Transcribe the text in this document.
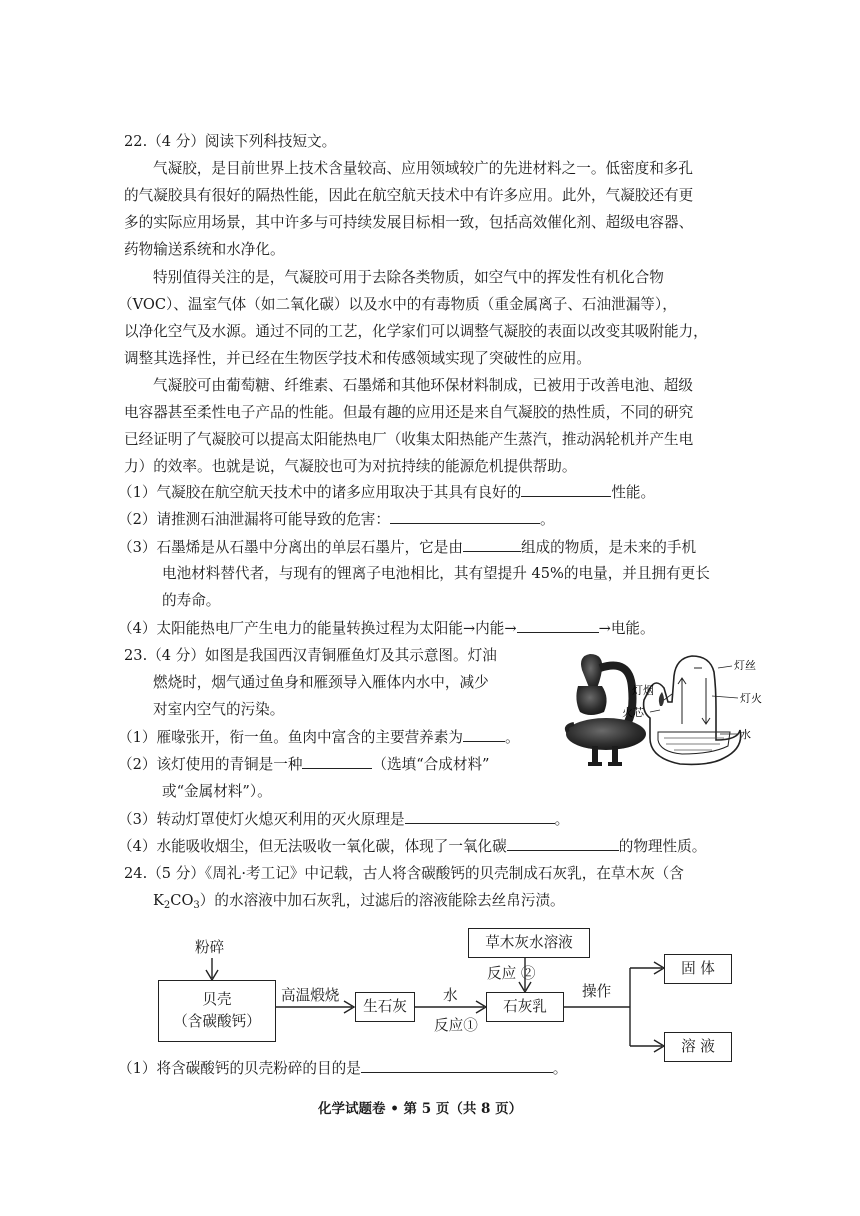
22.（4 分）阅读下列科技短文。
气凝胶，是目前世界上技术含量较高、应用领域较广的先进材料之一。低密度和多孔
的气凝胶具有很好的隔热性能，因此在航空航天技术中有许多应用。此外，气凝胶还有更
多的实际应用场景，其中许多与可持续发展目标相一致，包括高效催化剂、超级电容器、
药物输送系统和水净化。
特别值得关注的是，气凝胶可用于去除各类物质，如空气中的挥发性有机化合物
（VOC）、温室气体（如二氧化碳）以及水中的有毒物质（重金属离子、石油泄漏等），
以净化空气及水源。通过不同的工艺，化学家们可以调整气凝胶的表面以改变其吸附能力，
调整其选择性，并已经在生物医学技术和传感领域实现了突破性的应用。
气凝胶可由葡萄糖、纤维素、石墨烯和其他环保材料制成，已被用于改善电池、超级
电容器甚至柔性电子产品的性能。但最有趣的应用还是来自气凝胶的热性质，不同的研究
已经证明了气凝胶可以提高太阳能热电厂（收集太阳热能产生蒸汽，推动涡轮机并产生电
力）的效率。也就是说，气凝胶也可为对抗持续的能源危机提供帮助。
（1）气凝胶在航空航天技术中的诸多应用取决于其具有良好的	性能。
（2）请推测石油泄漏将可能导致的危害：	。
（3）石墨烯是从石墨中分离出的单层石墨片，它是由	组成的物质，是未来的手机
电池材料替代者，与现有的锂离子电池相比，其有望提升 45%的电量，并且拥有更长
的寿命。
（4）太阳能热电厂产生电力的能量转换过程为太阳能→内能→	→电能。
23.（4 分）如图是我国西汉青铜雁鱼灯及其示意图。灯油
燃烧时，烟气通过鱼身和雁颈导入雁体内水中，减少
对室内空气的污染。
（1）雁喙张开，衔一鱼。鱼肉中富含的主要营养素为	。
（2）该灯使用的青铜是一种	（选填“合成材料”
或“金属材料”）。
（3）转动灯罩使灯火熄灭利用的灭火原理是	。
（4）水能吸收烟尘，但无法吸收一氧化碳，体现了一氧化碳	的物理性质。
灯丝
灯烟
灯火
火芯
水
24.（5 分）《周礼·考工记》中记载，古人将含碳酸钙的贝壳制成石灰乳，在草木灰（含
$K_2CO_3$）的水溶液中加石灰乳，过滤后的溶液能除去丝帛污渍。
粉碎
贝壳
（含碳酸钙）
高温煅烧
生石灰
水
反应①
石灰乳
草木灰水溶液
反应 ②
操作
固 体
溶 液
（1）将含碳酸钙的贝壳粉碎的目的是	。
化学试题卷 • 第 5 页（共 8 页）
